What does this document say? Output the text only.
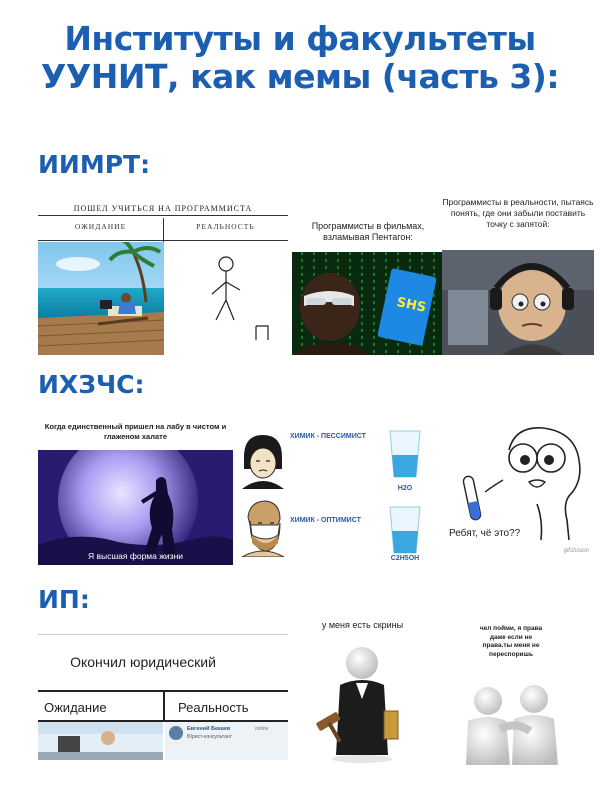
Институты и факультеты
УУНИТ, как мемы (часть 3):
ИИМРТ:
ПОШЕЛ УЧИТЬСЯ НА ПРОГРАММИСТА
ОЖИДАНИЕ	РЕАЛЬНОСТЬ	Программисты в фильмах, взламывая Пентагон:
Программисты в реальности, пытаясь понять, где они забыли поставить точку с запятой:
SHS
ИХЗЧС:
Когда единственный пришел на лабу в чистом и глаженом халате
Я высшая форма жизни
ХИМИК - ПЕССИМИСТ
H2O
ХИМИК - ОПТИМИСТ
C2H5OH
Ребят, чё это??
gifsfusion
ИП:
Окончил юридический
Ожидание	Реальность
Евгений Бекаев	online
Юрист-консультант
у меня есть скрины	чел пойми, я права даже если не права.ты меня не переспоришь
